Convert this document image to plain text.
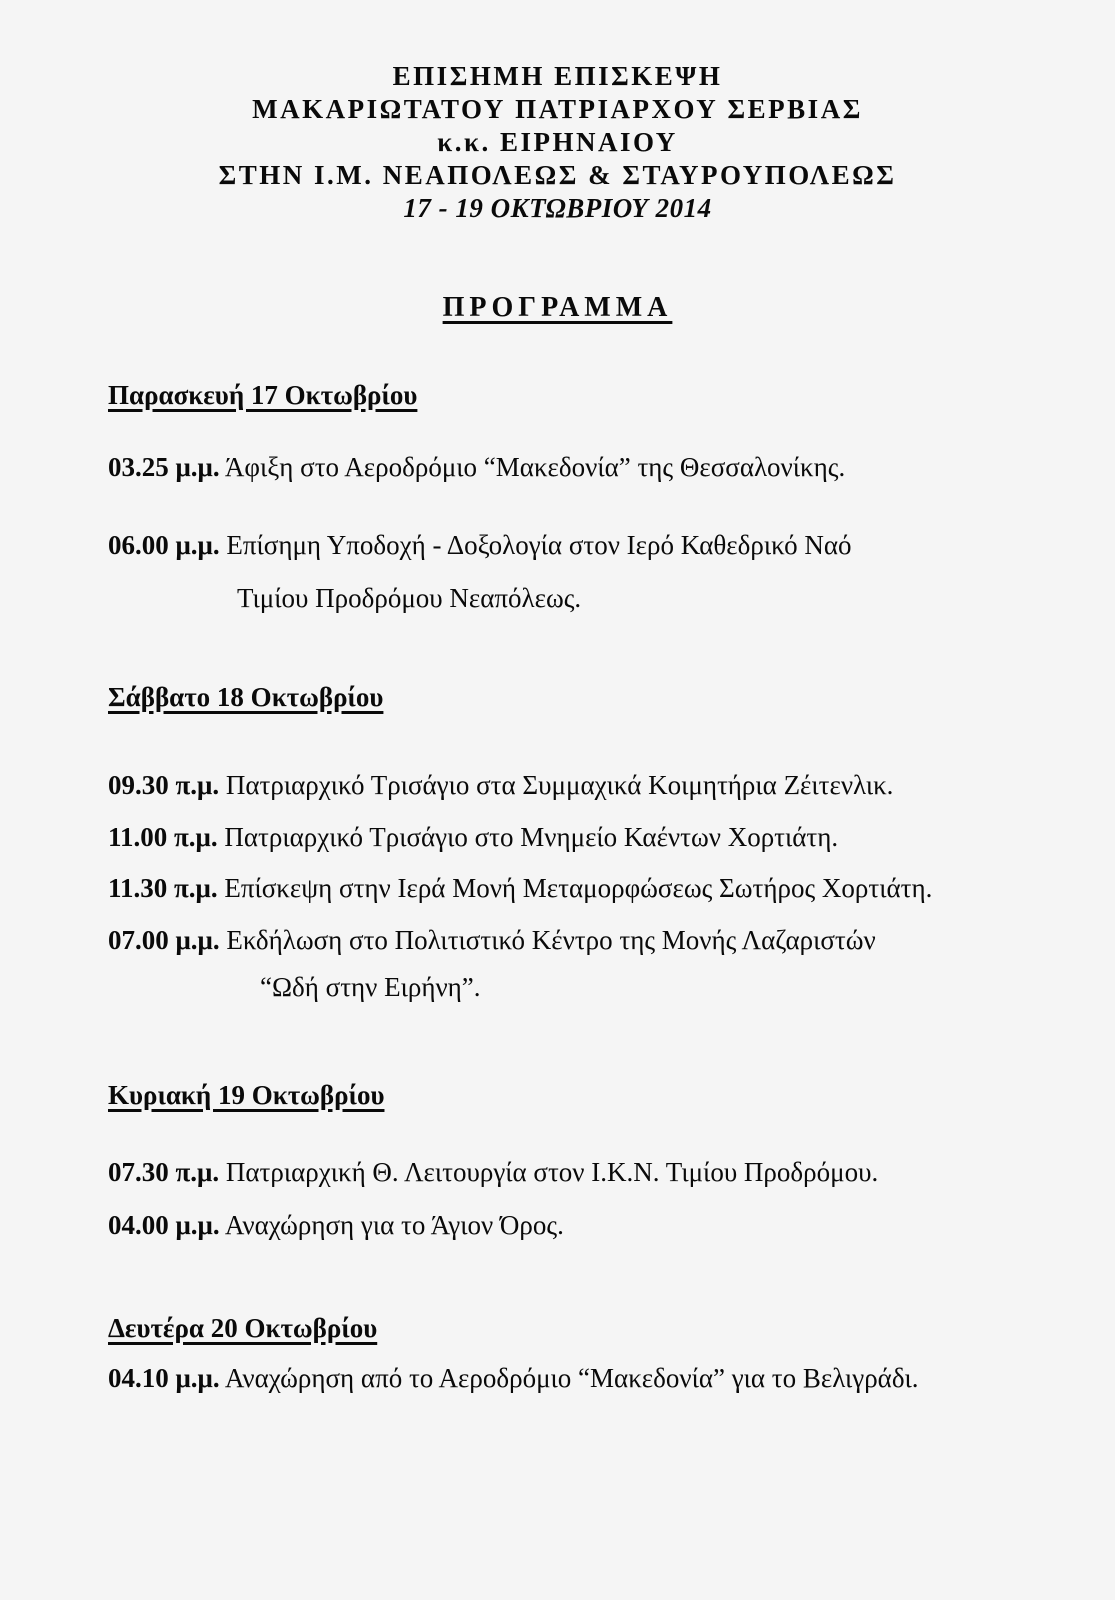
ΕΠΙΣΗΜΗ ΕΠΙΣΚΕΨΗ
ΜΑΚΑΡΙΩΤΑΤΟΥ ΠΑΤΡΙΑΡΧΟΥ ΣΕΡΒΙΑΣ
κ.κ. ΕΙΡΗΝΑΙΟΥ
ΣΤΗΝ Ι.Μ. ΝΕΑΠΟΛΕΩΣ & ΣΤΑΥΡΟΥΠΟΛΕΩΣ
17 - 19 ΟΚΤΩΒΡΙΟΥ 2014
ΠΡΟΓΡΑΜΜΑ
Παρασκευή 17 Οκτωβρίου
03.25 μ.μ. Άφιξη στο Αεροδρόμιο “Μακεδονία” της Θεσσαλονίκης.
06.00 μ.μ. Επίσημη Υποδοχή - Δοξολογία στον Ιερό Καθεδρικό Ναό
Τιμίου Προδρόμου Νεαπόλεως.
Σάββατο 18 Οκτωβρίου
09.30 π.μ. Πατριαρχικό Τρισάγιο στα Συμμαχικά Κοιμητήρια Ζέιτενλικ.
11.00 π.μ. Πατριαρχικό Τρισάγιο στο Μνημείο Καέντων Χορτιάτη.
11.30 π.μ. Επίσκεψη στην Ιερά Μονή Μεταμορφώσεως Σωτήρος Χορτιάτη.
07.00 μ.μ. Εκδήλωση στο Πολιτιστικό Κέντρο της Μονής Λαζαριστών
“Ωδή στην Ειρήνη”.
Κυριακή 19 Οκτωβρίου
07.30 π.μ. Πατριαρχική Θ. Λειτουργία στον Ι.Κ.Ν. Τιμίου Προδρόμου.
04.00 μ.μ. Αναχώρηση για το Άγιον Όρος.
Δευτέρα 20 Οκτωβρίου
04.10 μ.μ. Αναχώρηση από το Αεροδρόμιο “Μακεδονία” για το Βελιγράδι.
